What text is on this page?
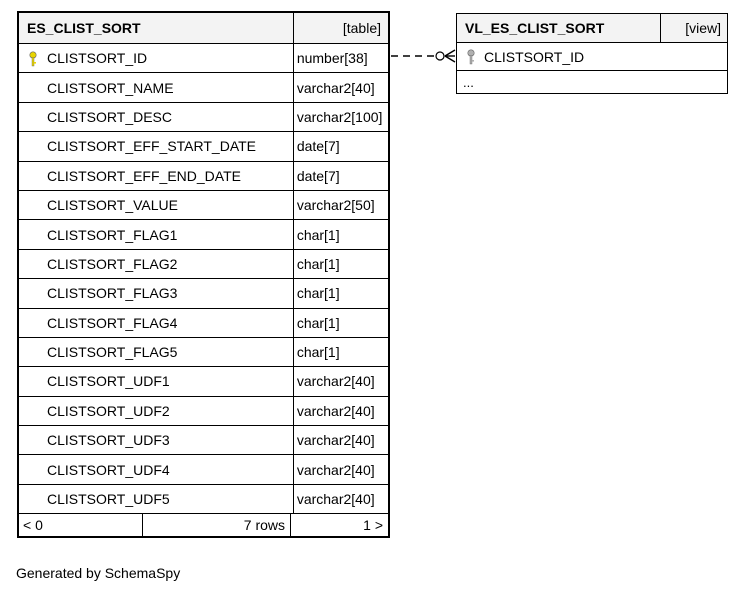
ES_CLIST_SORT	[table]
CLISTSORT_ID	number[38]
CLISTSORT_NAME	varchar2[40]
CLISTSORT_DESC	varchar2[100]
CLISTSORT_EFF_START_DATE	date[7]
CLISTSORT_EFF_END_DATE	date[7]
CLISTSORT_VALUE	varchar2[50]
CLISTSORT_FLAG1	char[1]
CLISTSORT_FLAG2	char[1]
CLISTSORT_FLAG3	char[1]
CLISTSORT_FLAG4	char[1]
CLISTSORT_FLAG5	char[1]
CLISTSORT_UDF1	varchar2[40]
CLISTSORT_UDF2	varchar2[40]
CLISTSORT_UDF3	varchar2[40]
CLISTSORT_UDF4	varchar2[40]
CLISTSORT_UDF5	varchar2[40]

< 0	7 rows	1 >
VL_ES_CLIST_SORT	[view]
CLISTSORT_ID

...
Generated by SchemaSpy
